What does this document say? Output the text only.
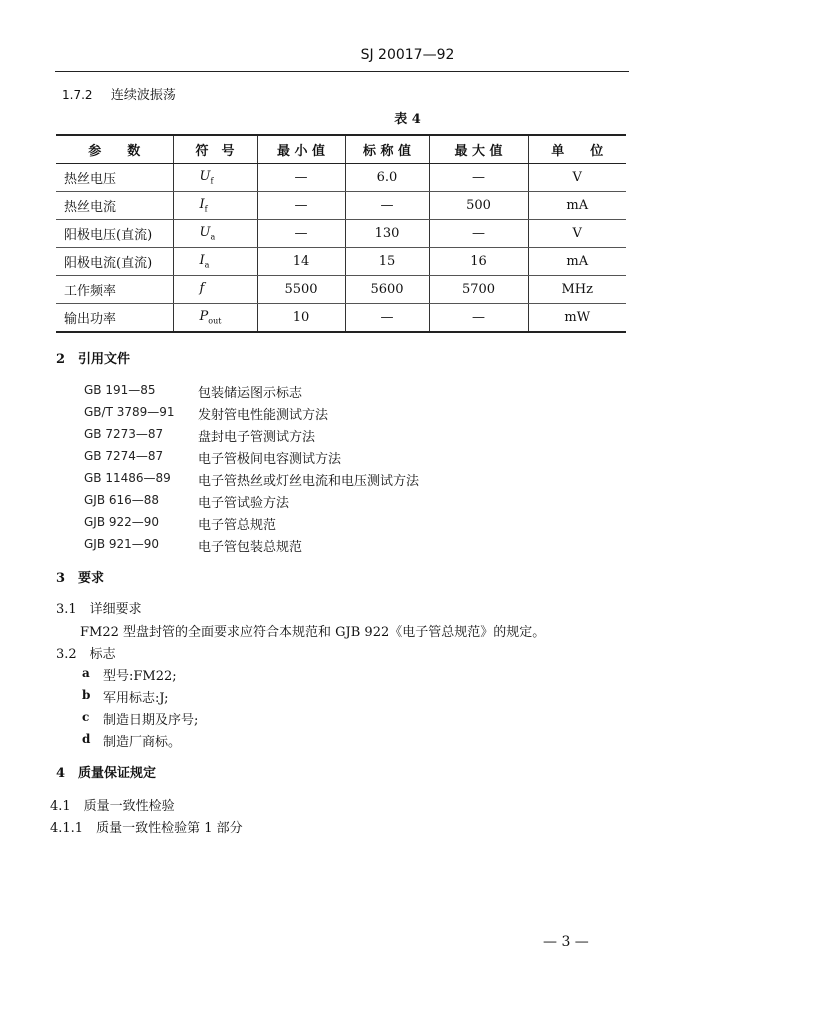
SJ 20017—92
1.7.2 连续波振荡
表 4
参　　数	符　号	最 小 值	标 称 值	最 大 值	单　　位
热丝电压	$U_f$	—	6.0	—	V
热丝电流	$I_f$	—	—	500	mA
阳极电压(直流)	$U_a$	—	130	—	V
阳极电流(直流)	$I_a$	14	15	16	mA
工作频率	f	5500	5600	5700	MHz
输出功率	$P_{out}$	10	—	—	mW
2　引用文件
GB 191—85	包装储运图示标志
GB/T 3789—91 发射管电性能测试方法
GB 7273—87	盘封电子管测试方法
GB 7274—87	电子管极间电容测试方法
GB 11486—89 电子管热丝或灯丝电流和电压测试方法
GJB 616—88	电子管试验方法
GJB 922—90	电子管总规范
GJB 921—90	电子管包装总规范
3　要求
3.1　详细要求
FM22 型盘封管的全面要求应符合本规范和 GJB 922《电子管总规范》的规定。
3.2　标志
a 型号:FM22;
b 军用标志:J;
c 制造日期及序号;
d 制造厂商标。
4　质量保证规定
4.1　质量一致性检验
4.1.1　质量一致性检验第 1 部分
— 3 —
